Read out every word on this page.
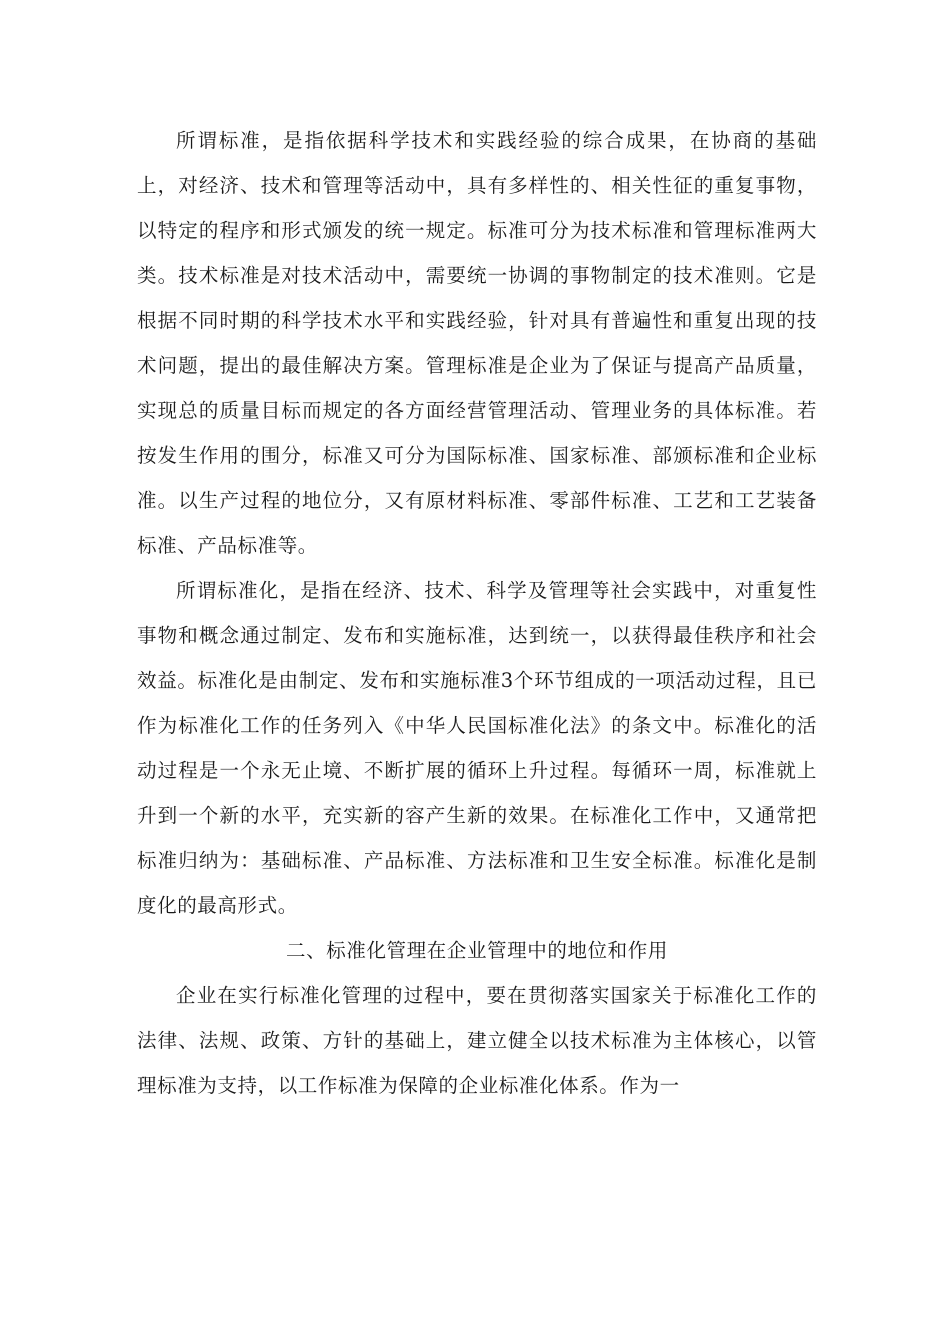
所谓标准，是指依据科学技术和实践经验的综合成果，在协商的基础上，对经济、技术和管理等活动中，具有多样性的、相关性征的重复事物，以特定的程序和形式颁发的统一规定。标准可分为技术标准和管理标准两大类。技术标准是对技术活动中，需要统一协调的事物制定的技术准则。它是根据不同时期的科学技术水平和实践经验，针对具有普遍性和重复出现的技术问题，提出的最佳解决方案。管理标准是企业为了保证与提高产品质量，实现总的质量目标而规定的各方面经营管理活动、管理业务的具体标准。若按发生作用的围分，标准又可分为国际标准、国家标准、部颁标准和企业标准。以生产过程的地位分，又有原材料标准、零部件标准、工艺和工艺装备标准、产品标准等。

所谓标准化，是指在经济、技术、科学及管理等社会实践中，对重复性事物和概念通过制定、发布和实施标准，达到统一，以获得最佳秩序和社会效益。标准化是由制定、发布和实施标准3个环节组成的一项活动过程，且已作为标准化工作的任务列入《中华人民国标准化法》的条文中。标准化的活动过程是一个永无止境、不断扩展的循环上升过程。每循环一周，标准就上升到一个新的水平，充实新的容产生新的效果。在标准化工作中，又通常把标准归纳为：基础标准、产品标准、方法标准和卫生安全标准。标准化是制度化的最高形式。

二、标准化管理在企业管理中的地位和作用

企业在实行标准化管理的过程中，要在贯彻落实国家关于标准化工作的法律、法规、政策、方针的基础上，建立健全以技术标准为主体核心，以管理标准为支持，以工作标准为保障的企业标准化体系。作为一
